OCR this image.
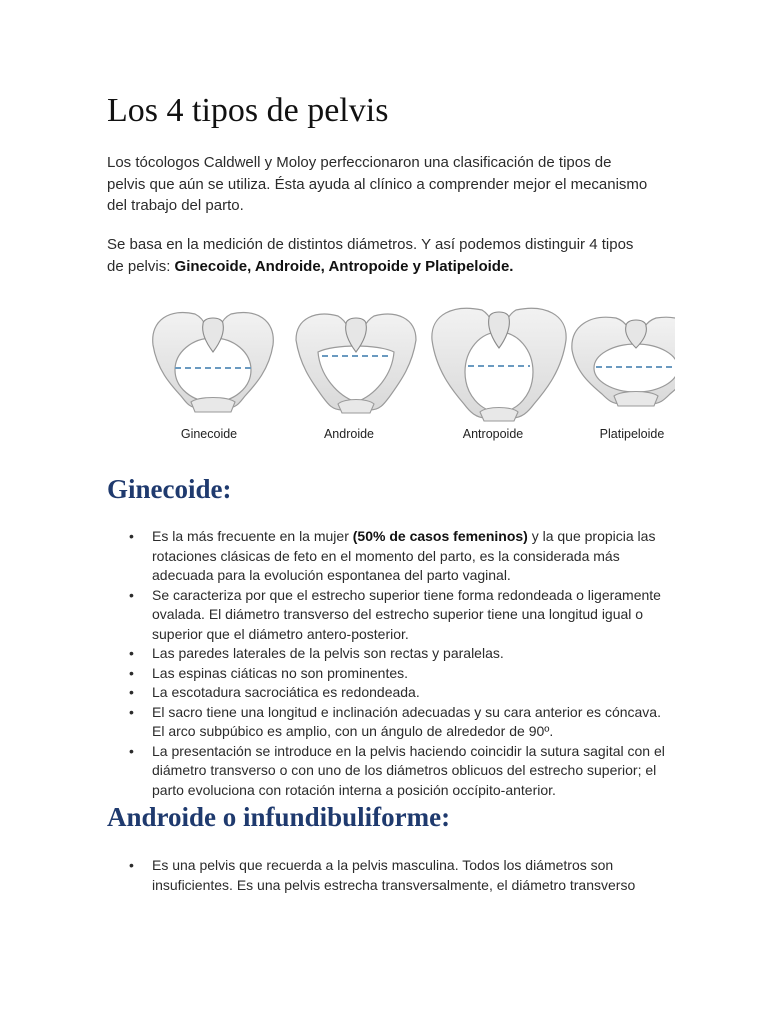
Los 4 tipos de pelvis

Los tócologos Caldwell y Moloy perfeccionaron una clasificación de tipos de pelvis que aún se utiliza. Ésta ayuda al clínico a comprender mejor el mecanismo del trabajo del parto.

Se basa en la medición de distintos diámetros. Y así podemos distinguir 4 tipos de pelvis: Ginecoide, Androide, Antropoide y Platipeloide.

Ginecoide	Androide	Antropoide	Platipeloide
Ginecoide:
• Es la más frecuente en la mujer (50% de casos femeninos) y la que propicia las rotaciones clásicas de feto en el momento del parto, es la considerada más adecuada para la evolución espontanea del parto vaginal.
• Se caracteriza por que el estrecho superior tiene forma redondeada o ligeramente ovalada. El diámetro transverso del estrecho superior tiene una longitud igual o superior que el diámetro antero-posterior.
• Las paredes laterales de la pelvis son rectas y paralelas.
• Las espinas ciáticas no son prominentes.
• La escotadura sacrociática es redondeada.
• El sacro tiene una longitud e inclinación adecuadas y su cara anterior es cóncava. El arco subpúbico es amplio, con un ángulo de alrededor de 90º.
• La presentación se introduce en la pelvis haciendo coincidir la sutura sagital con el diámetro transverso o con uno de los diámetros oblicuos del estrecho superior; el parto evoluciona con rotación interna a posición occípito-anterior.
Androide o infundibuliforme:
• Es una pelvis que recuerda a la pelvis masculina. Todos los diámetros son insuficientes. Es una pelvis estrecha transversalmente, el diámetro transverso
